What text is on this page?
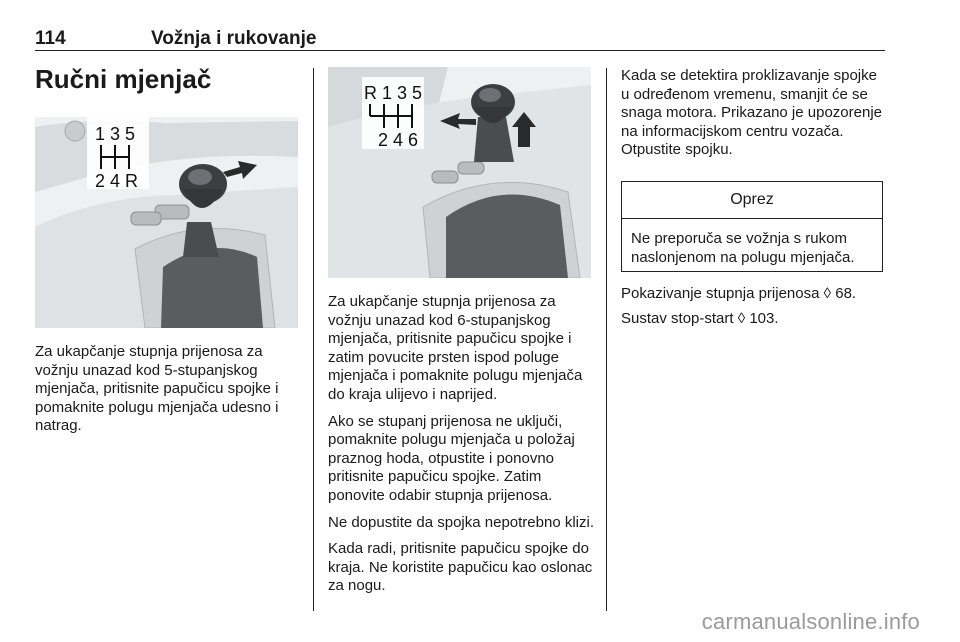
114	Vožnja i rukovanje
Ručni mjenjač
1 3 5
2 4 R
R 1 3 5
2 4 6

Za ukapčanje stupnja prijenosa za vožnju unazad kod 5-stupanjskog mjenjača, pritisnite papučicu spojke i pomaknite polugu mjenjača udesno i natrag.

Za ukapčanje stupnja prijenosa za vožnju unazad kod 6-stupanjskog mjenjača, pritisnite papučicu spojke i zatim povucite prsten ispod poluge mjenjača i pomaknite polugu mjenjača do kraja ulijevo i naprijed.

Ako se stupanj prijenosa ne uključi, pomaknite polugu mjenjača u položaj praznog hoda, otpustite i ponovno pritisnite papučicu spojke. Zatim ponovite odabir stupnja prijenosa.

Ne dopustite da spojka nepotrebno klizi.

Kada radi, pritisnite papučicu spojke do kraja. Ne koristite papučicu kao oslonac za nogu.

Kada se detektira proklizavanje spojke u određenom vremenu, smanjit će se snaga motora. Prikazano je upozorenje na informacijskom centru vozača. Otpustite spojku.

Oprez
Ne preporuča se vožnja s rukom naslonjenom na polugu mjenjača.

Pokazivanje stupnja prijenosa ◊ 68.

Sustav stop-start ◊ 103.

carmanualsonline.info
